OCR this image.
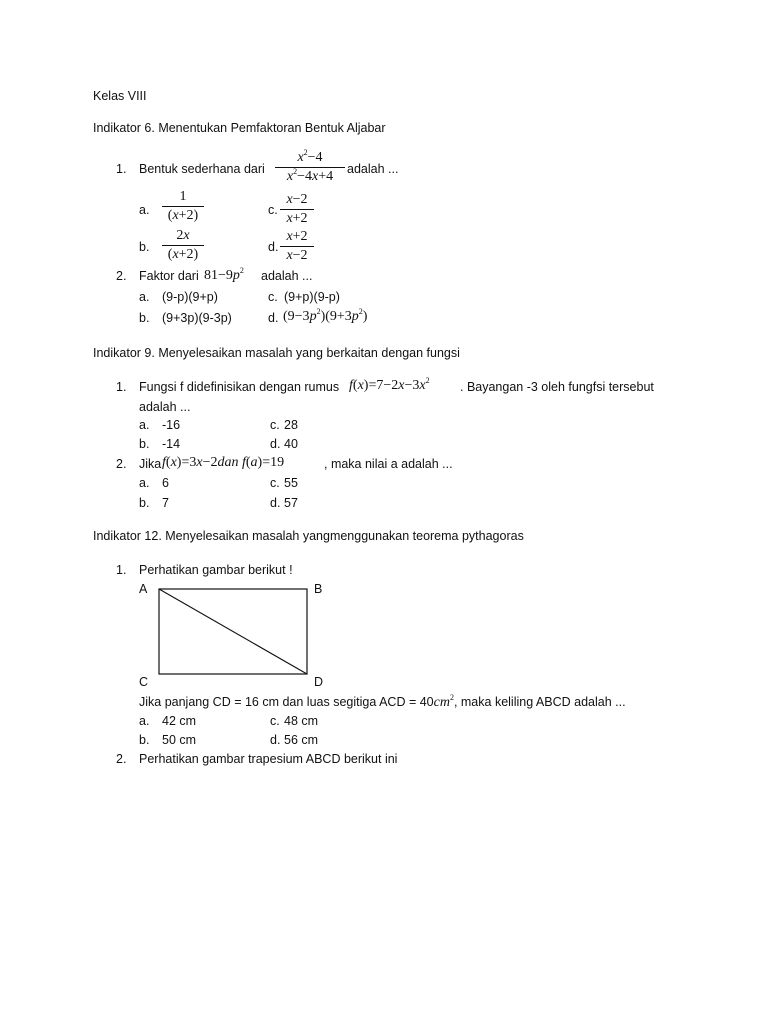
Kelas VIII
Indikator 6. Menentukan Pemfaktoran Bentuk Aljabar
1. Bentuk sederhana dari $\frac{x^2-4}{x^2-4x+4}$ adalah ...
a. $\frac{1}{(x+2)}$	c. $\frac{x-2}{x+2}$
b. $\frac{2x}{(x+2)}$	d. $\frac{x+2}{x-2}$
2. Faktor dari $81-9p^2$ adalah ...
a. (9-p)(9+p)	c. (9+p)(9-p)
b. (9+3p)(9-3p)	d. $(9-3p^2)(9+3p^2)$
Indikator 9. Menyelesaikan masalah yang berkaitan dengan fungsi
1. Fungsi f didefinisikan dengan rumus $f(x)=7-2x-3x^2$ . Bayangan -3 oleh fungfsi tersebut
adalah ...
a. -16	c. 28
b. -14	d. 40
2. Jika f(x)=3x−2dan f(a)=19	, maka nilai a adalah ...
a. 6	c. 55
b. 7	d. 57
Indikator 12. Menyelesaikan masalah yangmenggunakan teorema pythagoras
1. Perhatikan gambar berikut !
A	B
C	D
Jika panjang CD = 16 cm dan luas segitiga ACD = $40cm^2$, maka keliling ABCD adalah ...
a. 42 cm	c. 48 cm
b. 50 cm	d. 56 cm
2. Perhatikan gambar trapesium ABCD berikut ini
